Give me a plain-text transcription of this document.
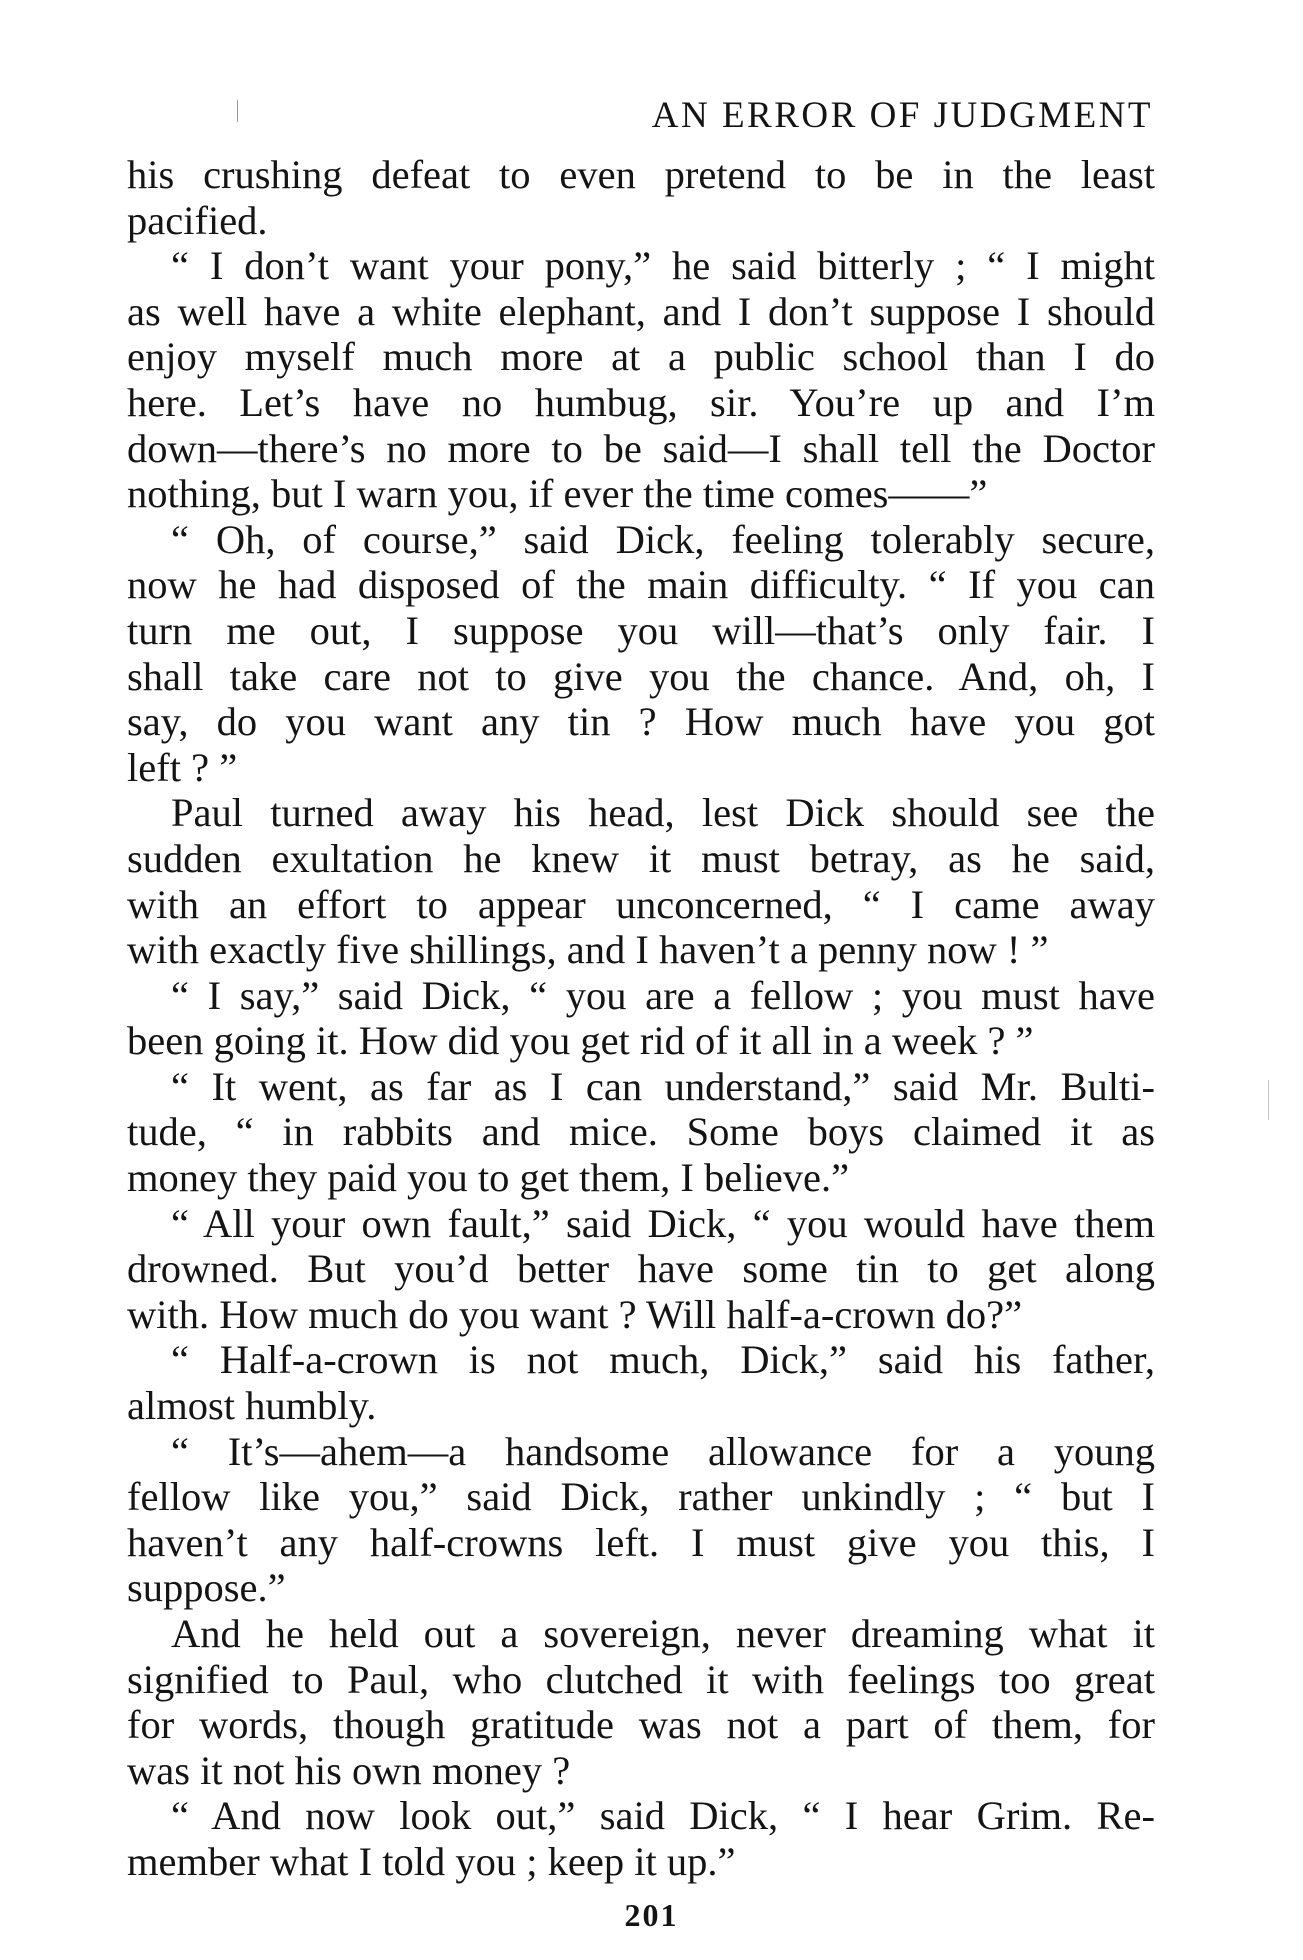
AN ERROR OF JUDGMENT
his crushing defeat to even pretend to be in the least
pacified.
“ I don’t want your pony,” he said bitterly ; “ I might
as well have a white elephant, and I don’t suppose I should
enjoy myself much more at a public school than I do
here. Let’s have no humbug, sir. You’re up and I’m
down—there’s no more to be said—I shall tell the Doctor
nothing, but I warn you, if ever the time comes——”
“ Oh, of course,” said Dick, feeling tolerably secure,
now he had disposed of the main difficulty. “ If you can
turn me out, I suppose you will—that’s only fair. I
shall take care not to give you the chance. And, oh, I
say, do you want any tin ? How much have you got
left ? ”
Paul turned away his head, lest Dick should see the
sudden exultation he knew it must betray, as he said,
with an effort to appear unconcerned, “ I came away
with exactly five shillings, and I haven’t a penny now ! ”
“ I say,” said Dick, “ you are a fellow ; you must have
been going it. How did you get rid of it all in a week ? ”
“ It went, as far as I can understand,” said Mr. Bulti-
tude, “ in rabbits and mice. Some boys claimed it as
money they paid you to get them, I believe.”
“ All your own fault,” said Dick, “ you would have them
drowned. But you’d better have some tin to get along
with. How much do you want ? Will half-a-crown do?”
“ Half-a-crown is not much, Dick,” said his father,
almost humbly.
“ It’s—ahem—a handsome allowance for a young
fellow like you,” said Dick, rather unkindly ; “ but I
haven’t any half-crowns left. I must give you this, I
suppose.”
And he held out a sovereign, never dreaming what it
signified to Paul, who clutched it with feelings too great
for words, though gratitude was not a part of them, for
was it not his own money ?
“ And now look out,” said Dick, “ I hear Grim. Re-
member what I told you ; keep it up.”
201
